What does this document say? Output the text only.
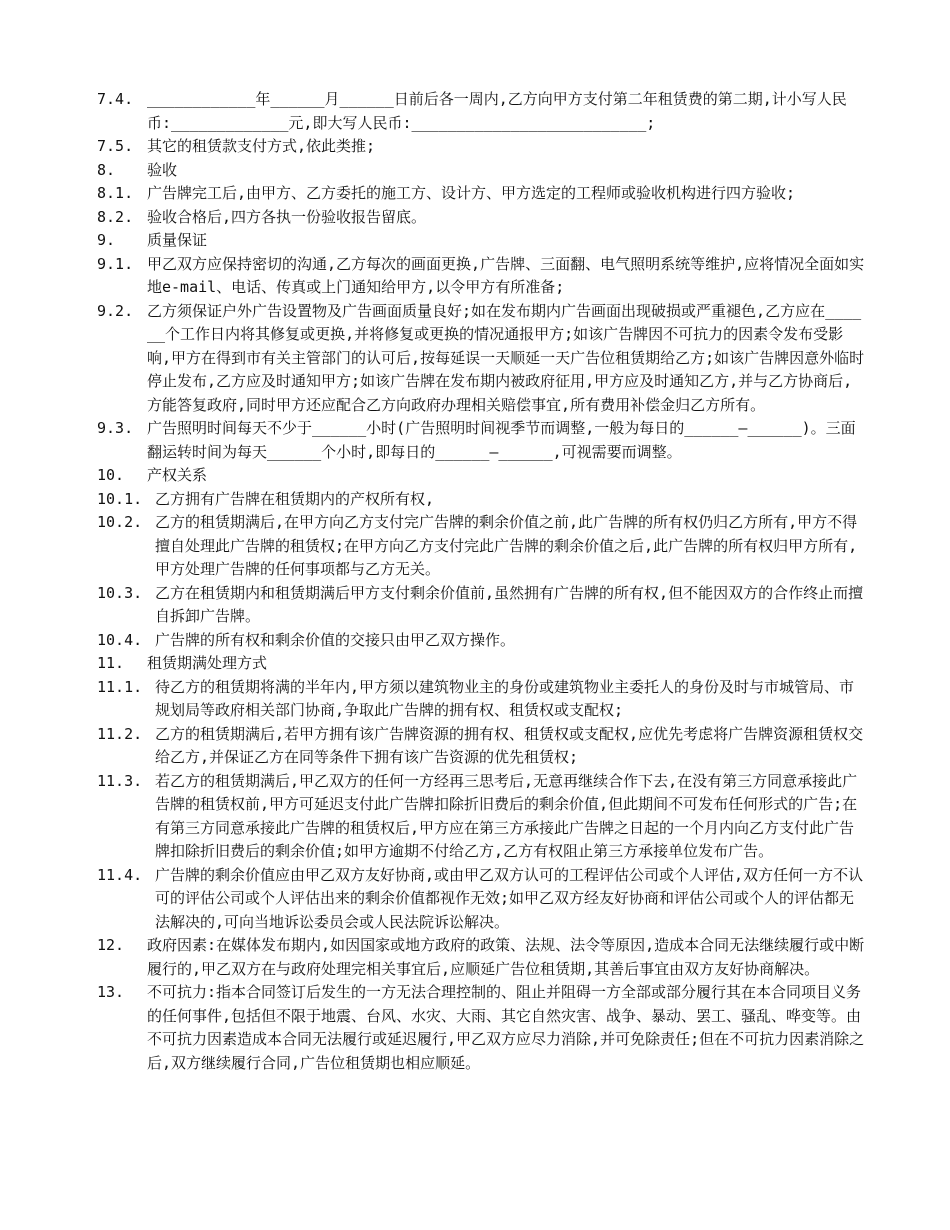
7.4. ____________年______月______日前后各一周内,乙方向甲方支付第二年租赁费的第二期,计小写人民币:_____________元,即大写人民币:__________________________;
7.5. 其它的租赁款支付方式,依此类推;
8.	验收
8.1. 广告牌完工后,由甲方、乙方委托的施工方、设计方、甲方选定的工程师或验收机构进行四方验收;
8.2. 验收合格后,四方各执一份验收报告留底。
9.	质量保证
9.1. 甲乙双方应保持密切的沟通,乙方每次的画面更换,广告牌、三面翻、电气照明系统等维护,应将情况全面如实地e-mail、电话、传真或上门通知给甲方,以令甲方有所准备;
9.2. 乙方须保证户外广告设置物及广告画面质量良好;如在发布期内广告画面出现破损或严重褪色,乙方应在______个工作日内将其修复或更换,并将修复或更换的情况通报甲方;如该广告牌因不可抗力的因素令发布受影响,甲方在得到市有关主管部门的认可后,按每延误一天顺延一天广告位租赁期给乙方;如该广告牌因意外临时停止发布,乙方应及时通知甲方;如该广告牌在发布期内被政府征用,甲方应及时通知乙方,并与乙方协商后,方能答复政府,同时甲方还应配合乙方向政府办理相关赔偿事宜,所有费用补偿金归乙方所有。
9.3. 广告照明时间每天不少于______小时(广告照明时间视季节而调整,一般为每日的______—______)。三面翻运转时间为每天______个小时,即每日的______—______,可视需要而调整。
10.	产权关系
10.1. 乙方拥有广告牌在租赁期内的产权所有权,
10.2. 乙方的租赁期满后,在甲方向乙方支付完广告牌的剩余价值之前,此广告牌的所有权仍归乙方所有,甲方不得擅自处理此广告牌的租赁权;在甲方向乙方支付完此广告牌的剩余价值之后,此广告牌的所有权归甲方所有,甲方处理广告牌的任何事项都与乙方无关。
10.3. 乙方在租赁期内和租赁期满后甲方支付剩余价值前,虽然拥有广告牌的所有权,但不能因双方的合作终止而擅自拆卸广告牌。
10.4. 广告牌的所有权和剩余价值的交接只由甲乙双方操作。
11.	租赁期满处理方式
11.1. 待乙方的租赁期将满的半年内,甲方须以建筑物业主的身份或建筑物业主委托人的身份及时与市城管局、市规划局等政府相关部门协商,争取此广告牌的拥有权、租赁权或支配权;
11.2. 乙方的租赁期满后,若甲方拥有该广告牌资源的拥有权、租赁权或支配权,应优先考虑将广告牌资源租赁权交给乙方,并保证乙方在同等条件下拥有该广告资源的优先租赁权;
11.3. 若乙方的租赁期满后,甲乙双方的任何一方经再三思考后,无意再继续合作下去,在没有第三方同意承接此广告牌的租赁权前,甲方可延迟支付此广告牌扣除折旧费后的剩余价值,但此期间不可发布任何形式的广告;在有第三方同意承接此广告牌的租赁权后,甲方应在第三方承接此广告牌之日起的一个月内向乙方支付此广告牌扣除折旧费后的剩余价值;如甲方逾期不付给乙方,乙方有权阻止第三方承接单位发布广告。
11.4. 广告牌的剩余价值应由甲乙双方友好协商,或由甲乙双方认可的工程评估公司或个人评估,双方任何一方不认可的评估公司或个人评估出来的剩余价值都视作无效;如甲乙双方经友好协商和评估公司或个人的评估都无法解决的,可向当地诉讼委员会或人民法院诉讼解决。
12.	政府因素:在媒体发布期内,如因国家或地方政府的政策、法规、法令等原因,造成本合同无法继续履行或中断履行的,甲乙双方在与政府处理完相关事宜后,应顺延广告位租赁期,其善后事宜由双方友好协商解决。
13.	不可抗力:指本合同签订后发生的一方无法合理控制的、阻止并阻碍一方全部或部分履行其在本合同项目义务的任何事件,包括但不限于地震、台风、水灾、大雨、其它自然灾害、战争、暴动、罢工、骚乱、哗变等。由不可抗力因素造成本合同无法履行或延迟履行,甲乙双方应尽力消除,并可免除责任;但在不可抗力因素消除之后,双方继续履行合同,广告位租赁期也相应顺延。
